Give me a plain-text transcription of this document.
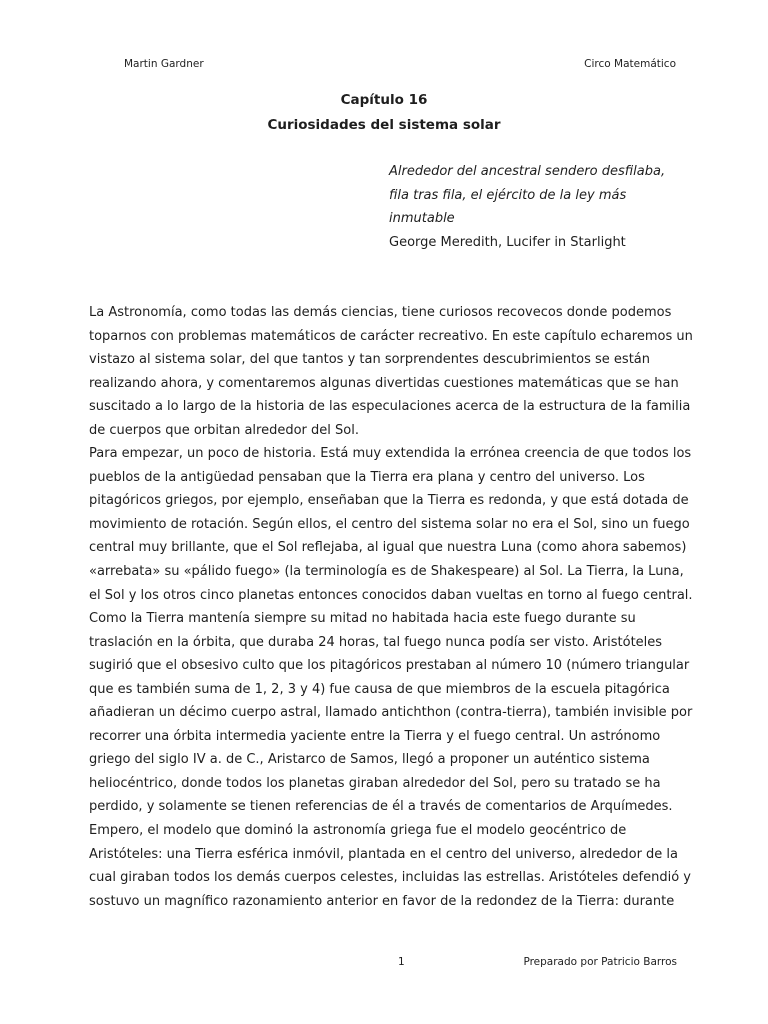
Martin Gardner	Circo Matemático
Capítulo 16
Curiosidades del sistema solar
Alrededor del ancestral sendero desfilaba,
fila tras fila, el ejército de la ley más
inmutable
George Meredith, Lucifer in Starlight
La Astronomía, como todas las demás ciencias, tiene curiosos recovecos donde podemos
toparnos con problemas matemáticos de carácter recreativo. En este capítulo echaremos un
vistazo al sistema solar, del que tantos y tan sorprendentes descubrimientos se están
realizando ahora, y comentaremos algunas divertidas cuestiones matemáticas que se han
suscitado a lo largo de la historia de las especulaciones acerca de la estructura de la familia
de cuerpos que orbitan alrededor del Sol.
Para empezar, un poco de historia. Está muy extendida la errónea creencia de que todos los
pueblos de la antigüedad pensaban que la Tierra era plana y centro del universo. Los
pitagóricos griegos, por ejemplo, enseñaban que la Tierra es redonda, y que está dotada de
movimiento de rotación. Según ellos, el centro del sistema solar no era el Sol, sino un fuego
central muy brillante, que el Sol reflejaba, al igual que nuestra Luna (como ahora sabemos)
«arrebata» su «pálido fuego» (la terminología es de Shakespeare) al Sol. La Tierra, la Luna,
el Sol y los otros cinco planetas entonces conocidos daban vueltas en torno al fuego central.
Como la Tierra mantenía siempre su mitad no habitada hacia este fuego durante su
traslación en la órbita, que duraba 24 horas, tal fuego nunca podía ser visto. Aristóteles
sugirió que el obsesivo culto que los pitagóricos prestaban al número 10 (número triangular
que es también suma de 1, 2, 3 y 4) fue causa de que miembros de la escuela pitagórica
añadieran un décimo cuerpo astral, llamado antichthon (contra-tierra), también invisible por
recorrer una órbita intermedia yaciente entre la Tierra y el fuego central. Un astrónomo
griego del siglo IV a. de C., Aristarco de Samos, llegó a proponer un auténtico sistema
heliocéntrico, donde todos los planetas giraban alrededor del Sol, pero su tratado se ha
perdido, y solamente se tienen referencias de él a través de comentarios de Arquímedes.
Empero, el modelo que dominó la astronomía griega fue el modelo geocéntrico de
Aristóteles: una Tierra esférica inmóvil, plantada en el centro del universo, alrededor de la
cual giraban todos los demás cuerpos celestes, incluidas las estrellas. Aristóteles defendió y
sostuvo un magnífico razonamiento anterior en favor de la redondez de la Tierra: durante
1	Preparado por Patricio Barros
